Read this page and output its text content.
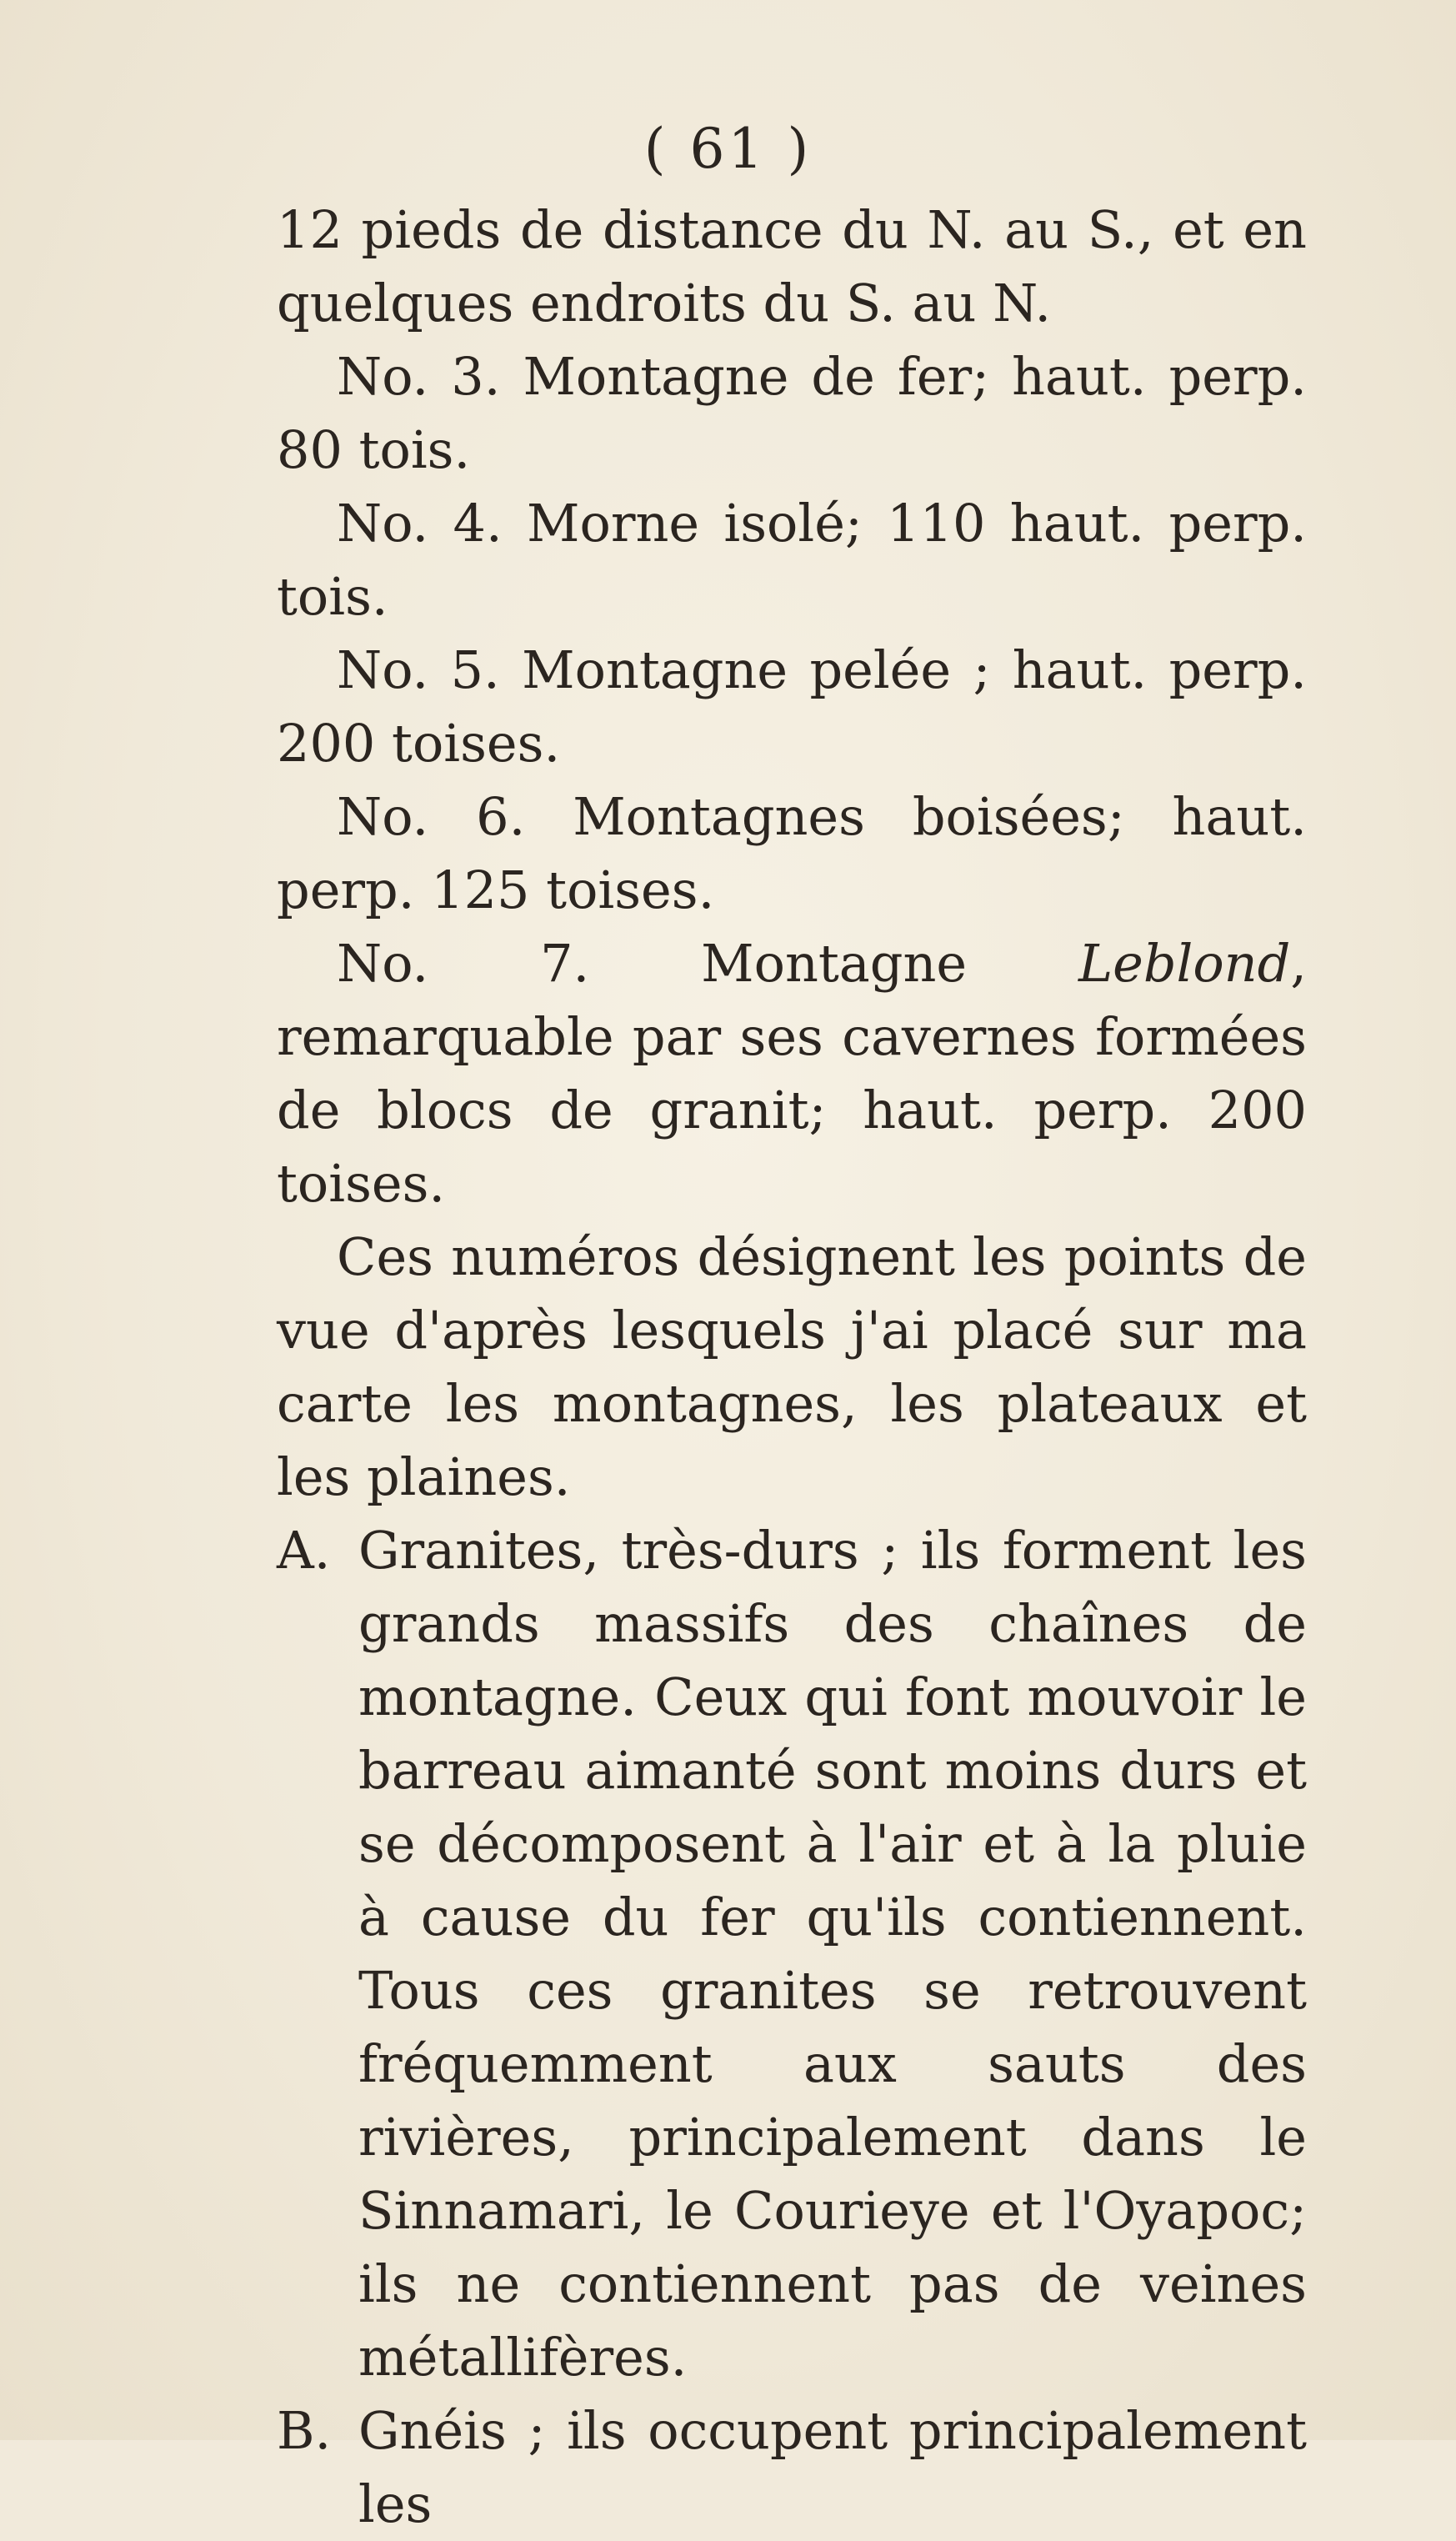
( 61 )

12 pieds de distance du N. au S., et en quelques endroits du S. au N.

No. 3. Montagne de fer; haut. perp. 80 tois.

No. 4. Morne isolé; 110 haut. perp. tois.

No. 5. Montagne pelée ; haut. perp. 200 toises.

No. 6. Montagnes boisées; haut. perp. 125 toises.

No. 7. Montagne Leblond, remarquable par ses cavernes formées de blocs de granit; haut. perp. 200 toises.

Ces numéros désignent les points de vue d'après lesquels j'ai placé sur ma carte les montagnes, les plateaux et les plaines.

A. Granites, très-durs ; ils forment les grands massifs des chaînes de montagne. Ceux qui font mouvoir le barreau aimanté sont moins durs et se décomposent à l'air et à la pluie à cause du fer qu'ils contiennent. Tous ces granites se retrouvent fréquemment aux sauts des rivières, principalement dans le Sinnamari, le Courieye et l'Oyapoc; ils ne contiennent pas de veines métallifères.
B. Gnéis ; ils occupent principalement les
